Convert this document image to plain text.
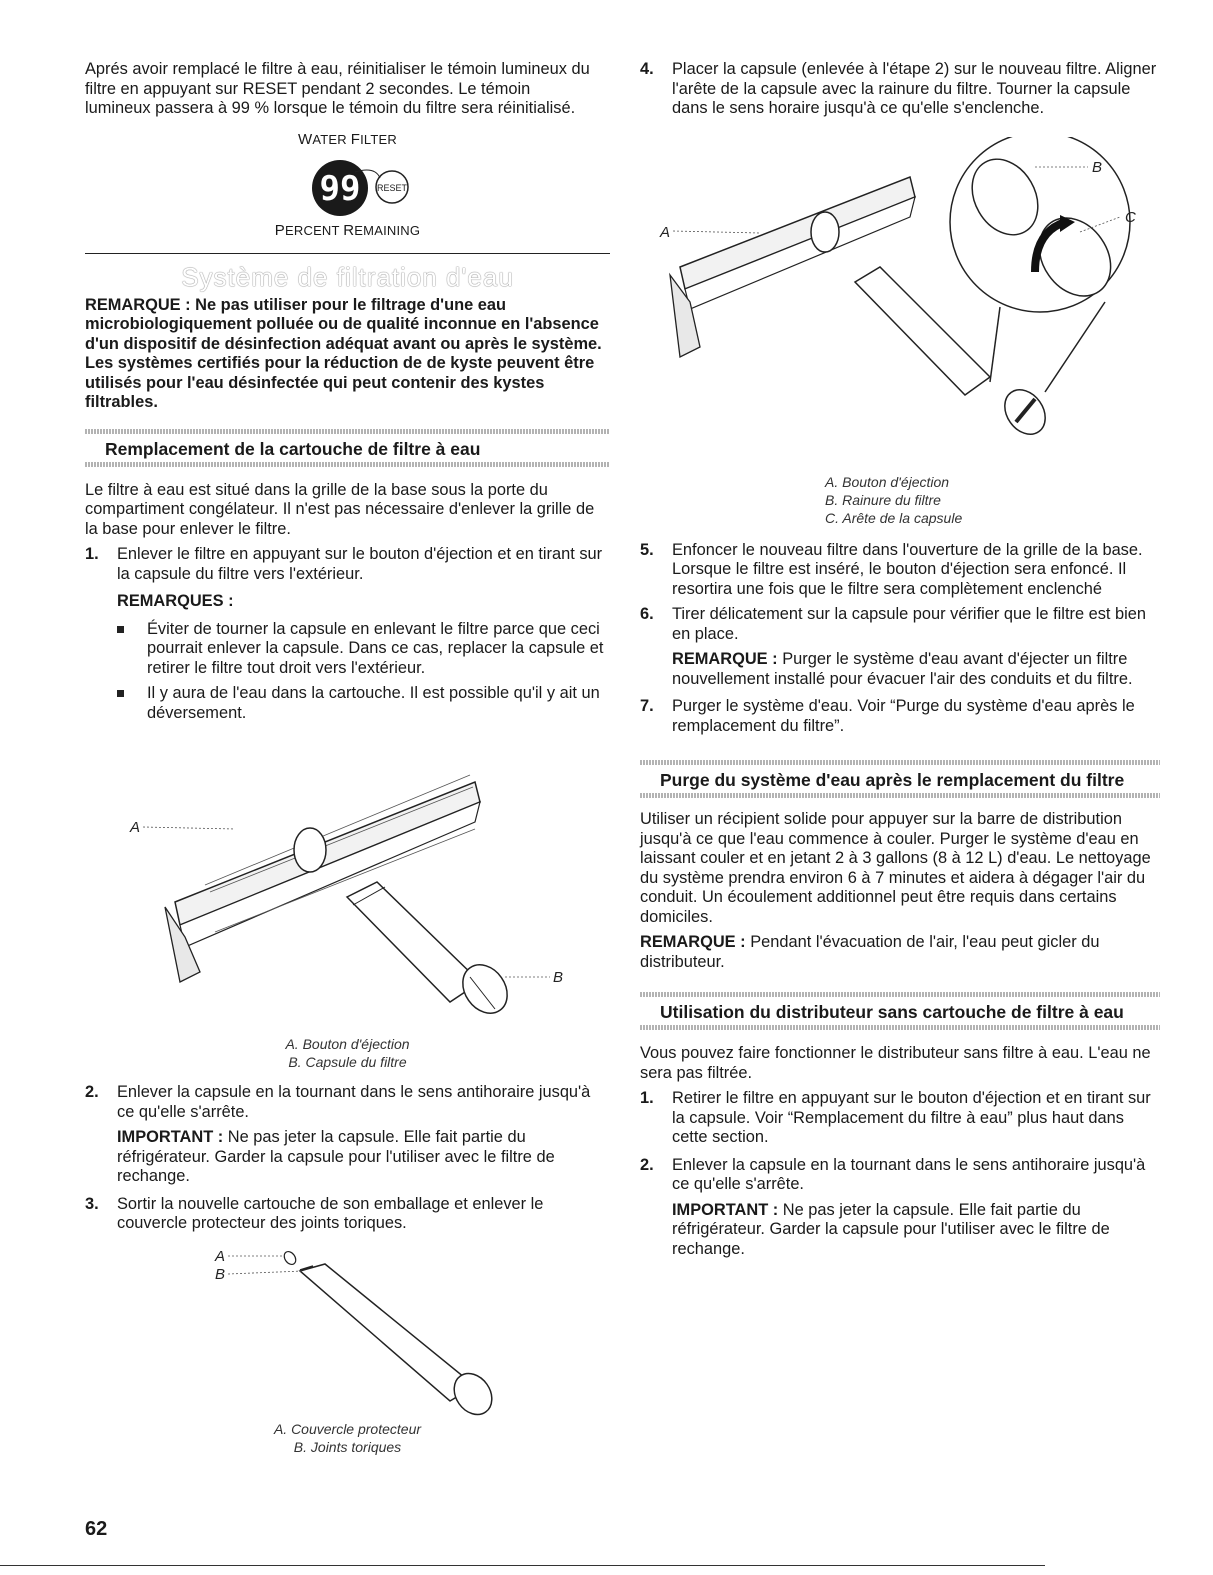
Aprés avoir remplacé le filtre à eau, réinitialiser le témoin lumineux du filtre en appuyant sur RESET pendant 2 secondes. Le témoin lumineux passera à 99 % lorsque le témoin du filtre sera réinitialisé.

WATER FILTER
RESET
99
PERCENT REMAINING
Système de filtration d'eau

REMARQUE : Ne pas utiliser pour le filtrage d'une eau microbiologiquement polluée ou de qualité inconnue en l'absence d'un dispositif de désinfection adéquat avant ou après le système. Les systèmes certifiés pour la réduction de de kyste peuvent être utilisés pour l'eau désinfectée qui peut contenir des kystes filtrables.

Remplacement de la cartouche de filtre à eau

Le filtre à eau est situé dans la grille de la base sous la porte du compartiment congélateur. Il n'est pas nécessaire d'enlever la grille de la base pour enlever le filtre.

1. Enlever le filtre en appuyant sur le bouton d'éjection et en tirant sur la capsule du filtre vers l'extérieur.

REMARQUES :

Éviter de tourner la capsule en enlevant le filtre parce que ceci pourrait enlever la capsule. Dans ce cas, replacer la capsule et retirer le filtre tout droit vers l'extérieur.

Il y aura de l'eau dans la cartouche. Il est possible qu'il y ait un déversement.

A
B
A. Bouton d'éjection
B. Capsule du filtre
2. Enlever la capsule en la tournant dans le sens antihoraire jusqu'à ce qu'elle s'arrête.

IMPORTANT : Ne pas jeter la capsule. Elle fait partie du réfrigérateur. Garder la capsule pour l'utiliser avec le filtre de rechange.

3. Sortir la nouvelle cartouche de son emballage et enlever le couvercle protecteur des joints toriques.

A
B
A. Couvercle protecteur
B. Joints toriques
4. Placer la capsule (enlevée à l'étape 2) sur le nouveau filtre. Aligner l'arête de la capsule avec la rainure du filtre. Tourner la capsule dans le sens horaire jusqu'à ce qu'elle s'enclenche.

A
B
C
A. Bouton d'éjection
B. Rainure du filtre
C. Arête de la capsule
5. Enfoncer le nouveau filtre dans l'ouverture de la grille de la base. Lorsque le filtre est inséré, le bouton d'éjection sera enfoncé. Il resortira une fois que le filtre sera complètement enclenché

6. Tirer délicatement sur la capsule pour vérifier que le filtre est bien en place.

REMARQUE : Purger le système d'eau avant d'éjecter un filtre nouvellement installé pour évacuer l'air des conduits et du filtre.

7. Purger le système d'eau. Voir “Purge du système d'eau après le remplacement du filtre”.

Purge du système d'eau après le remplacement du filtre

Utiliser un récipient solide pour appuyer sur la barre de distribution jusqu'à ce que l'eau commence à couler. Purger le système d'eau en laissant couler et en jetant 2 à 3 gallons (8 à 12 L) d'eau. Le nettoyage du système prendra environ 6 à 7 minutes et aidera à dégager l'air du conduit. Un écoulement additionnel peut être requis dans certains domiciles.

REMARQUE : Pendant l'évacuation de l'air, l'eau peut gicler du distributeur.

Utilisation du distributeur sans cartouche de filtre à eau

Vous pouvez faire fonctionner le distributeur sans filtre à eau. L'eau ne sera pas filtrée.

1. Retirer le filtre en appuyant sur le bouton d'éjection et en tirant sur la capsule. Voir “Remplacement du filtre à eau” plus haut dans cette section.

2. Enlever la capsule en la tournant dans le sens antihoraire jusqu'à ce qu'elle s'arrête.

IMPORTANT : Ne pas jeter la capsule. Elle fait partie du réfrigérateur. Garder la capsule pour l'utiliser avec le filtre de rechange.

62
